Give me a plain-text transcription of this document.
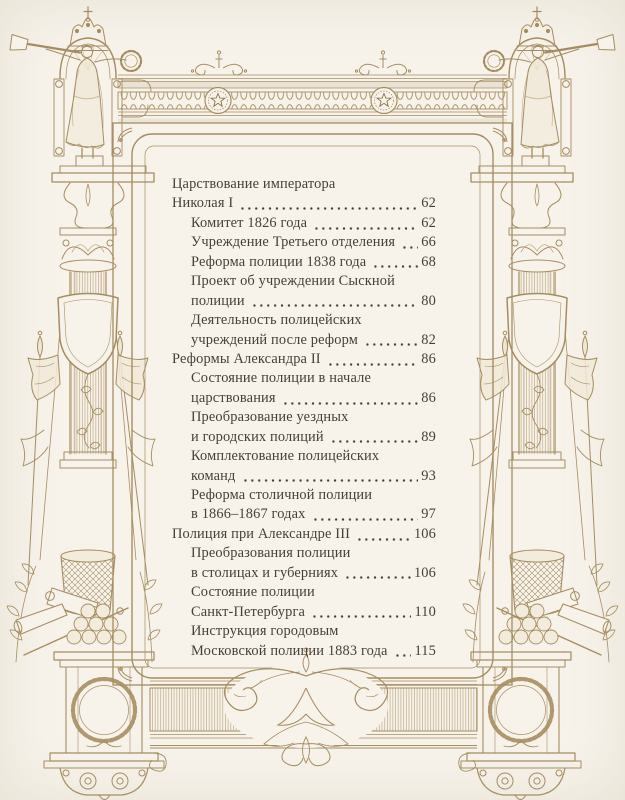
Царствование императора
Николая I	62
Комитет 1826 года	62
Учреждение Третьего отделения 66
Реформа полиции 1838 года	68
Проект об учреждении Сыскной
полиции	80
Деятельность полицейских
учреждений после реформ	82
Реформы Александра II	86
Состояние полиции в начале
царствования	86
Преобразование уездных
и городских полиций	89
Комплектование полицейских
команд	93
Реформа столичной полиции
в 1866–1867 годах	97
Полиция при Александре III	106
Преобразования полиции
в столицах и губерниях	106
Состояние полиции
Санкт-Петербурга	110
Инструкция городовым
Московской полиции 1883 года 115
